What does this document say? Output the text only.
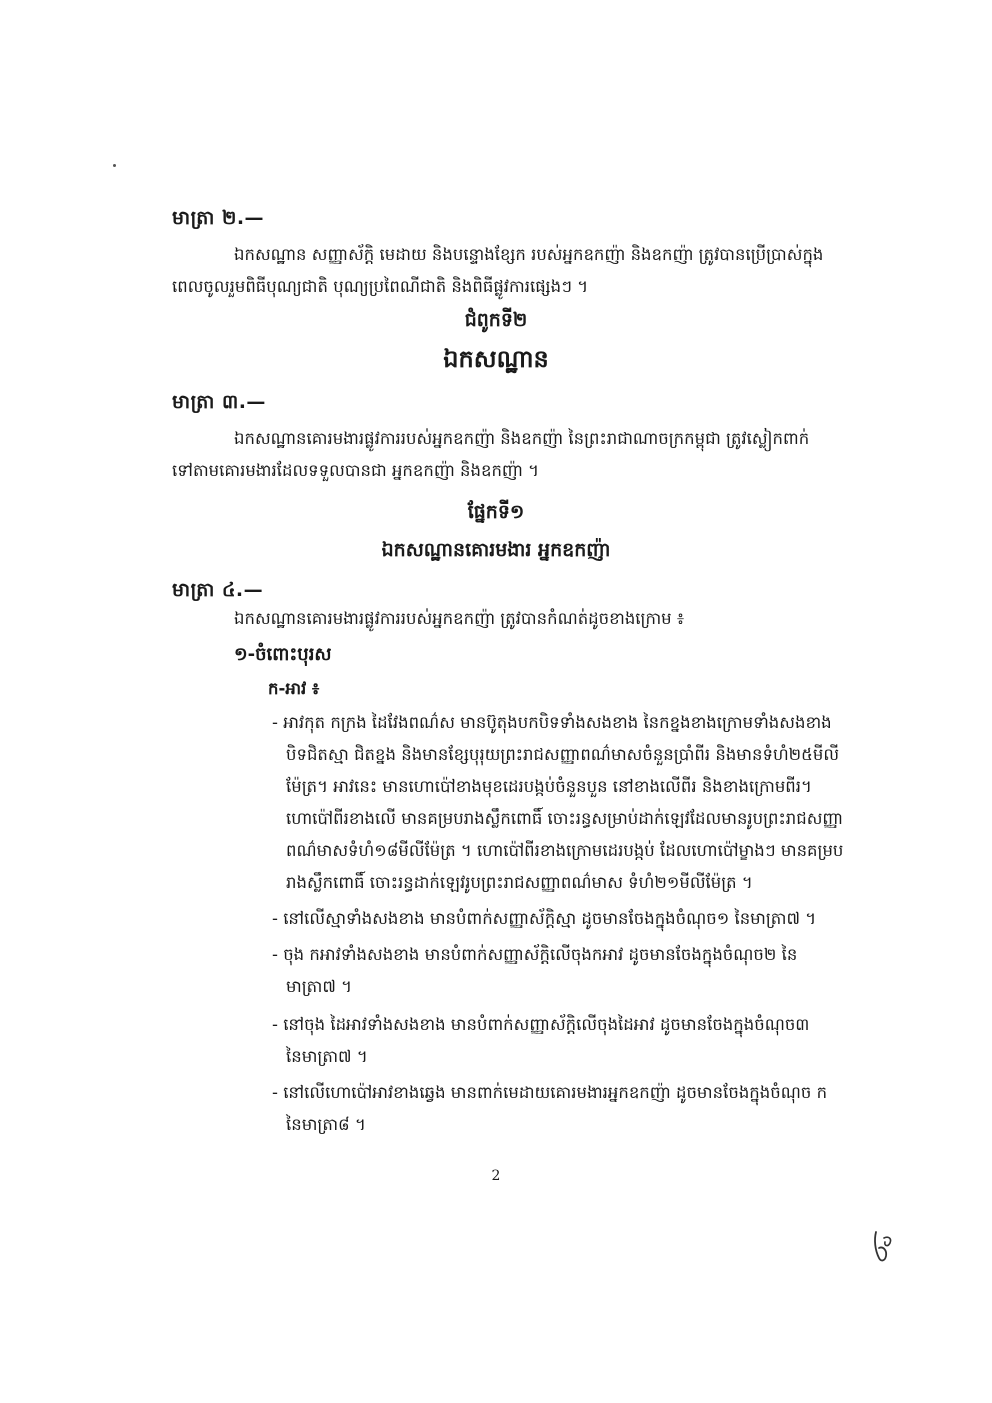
មាត្រា ២.—
ឯកសណ្ឋាន សញ្ញាស័ក្តិ មេដាយ និងបន្ទោងខ្សែក របស់អ្នកឧកញ៉ា និងឧកញ៉ា ត្រូវបានប្រើប្រាស់ក្នុង
ពេលចូលរួមពិធីបុណ្យជាតិ បុណ្យប្រពៃណីជាតិ និងពិធីផ្លូវការផ្សេងៗ ។
ជំពូកទី២
ឯកសណ្ឋាន
មាត្រា ៣.—
ឯកសណ្ឋានគោរមងារផ្លូវការរបស់អ្នកឧកញ៉ា និងឧកញ៉ា នៃព្រះរាជាណាចក្រកម្ពុជា ត្រូវស្លៀកពាក់
ទៅតាមគោរមងារដែលទទួលបានជា អ្នកឧកញ៉ា និងឧកញ៉ា ។
ផ្នែកទី១
ឯកសណ្ឋានគោរមងារ អ្នកឧកញ៉ា
មាត្រា ៤.—
ឯកសណ្ឋានគោរមងារផ្លូវការរបស់អ្នកឧកញ៉ា ត្រូវបានកំណត់ដូចខាងក្រោម ៖
១-ចំពោះបុរស
ក-អាវ ៖
- អាវកុត កក្រង ដៃវែងពណ៌ស មានប៊ូតុងបកបិទទាំងសងខាង នៃកខ្នងខាងក្រោមទាំងសងខាង
បិទជិតស្មា ជិតខ្នង និងមានខ្សែបុរុយព្រះរាជសញ្ញាពណ៌មាសចំនួនប្រាំពីរ និងមានទំហំ២៥មីលី
ម៉ែត្រ។ អាវនេះ មានហោប៉ៅខាងមុខដេរបង្កប់ចំនួនបួន នៅខាងលើពីរ និងខាងក្រោមពីរ។
ហោប៉ៅពីរខាងលើ មានគម្របរាងស្លឹកពោធិ៍ ចោះរន្ធសម្រាប់ដាក់ឡេវដែលមានរូបព្រះរាជសញ្ញា
ពណ៌មាសទំហំ១៨មីលីម៉ែត្រ ។ ហោប៉ៅពីរខាងក្រោមដេរបង្កប់ ដែលហោប៉ៅម្ខាងៗ មានគម្រប
រាងស្លឹកពោធិ៍ ចោះរន្ធដាក់ឡេវរូបព្រះរាជសញ្ញាពណ៌មាស ទំហំ២១មីលីម៉ែត្រ ។
- នៅលើស្មាទាំងសងខាង មានបំពាក់សញ្ញាស័ក្តិស្មា ដូចមានចែងក្នុងចំណុច១ នៃមាត្រា៧ ។
- ចុង កអាវទាំងសងខាង មានបំពាក់សញ្ញាស័ក្តិលើចុងកអាវ ដូចមានចែងក្នុងចំណុច២ នៃ
មាត្រា៧ ។
- នៅចុង ដៃអាវទាំងសងខាង មានបំពាក់សញ្ញាស័ក្តិលើចុងដៃអាវ ដូចមានចែងក្នុងចំណុច៣
នៃមាត្រា៧ ។
- នៅលើហោប៉ៅអាវខាងឆ្វេង មានពាក់មេដាយគោរមងារអ្នកឧកញ៉ា ដូចមានចែងក្នុងចំណុច ក
នៃមាត្រា៨ ។
2
